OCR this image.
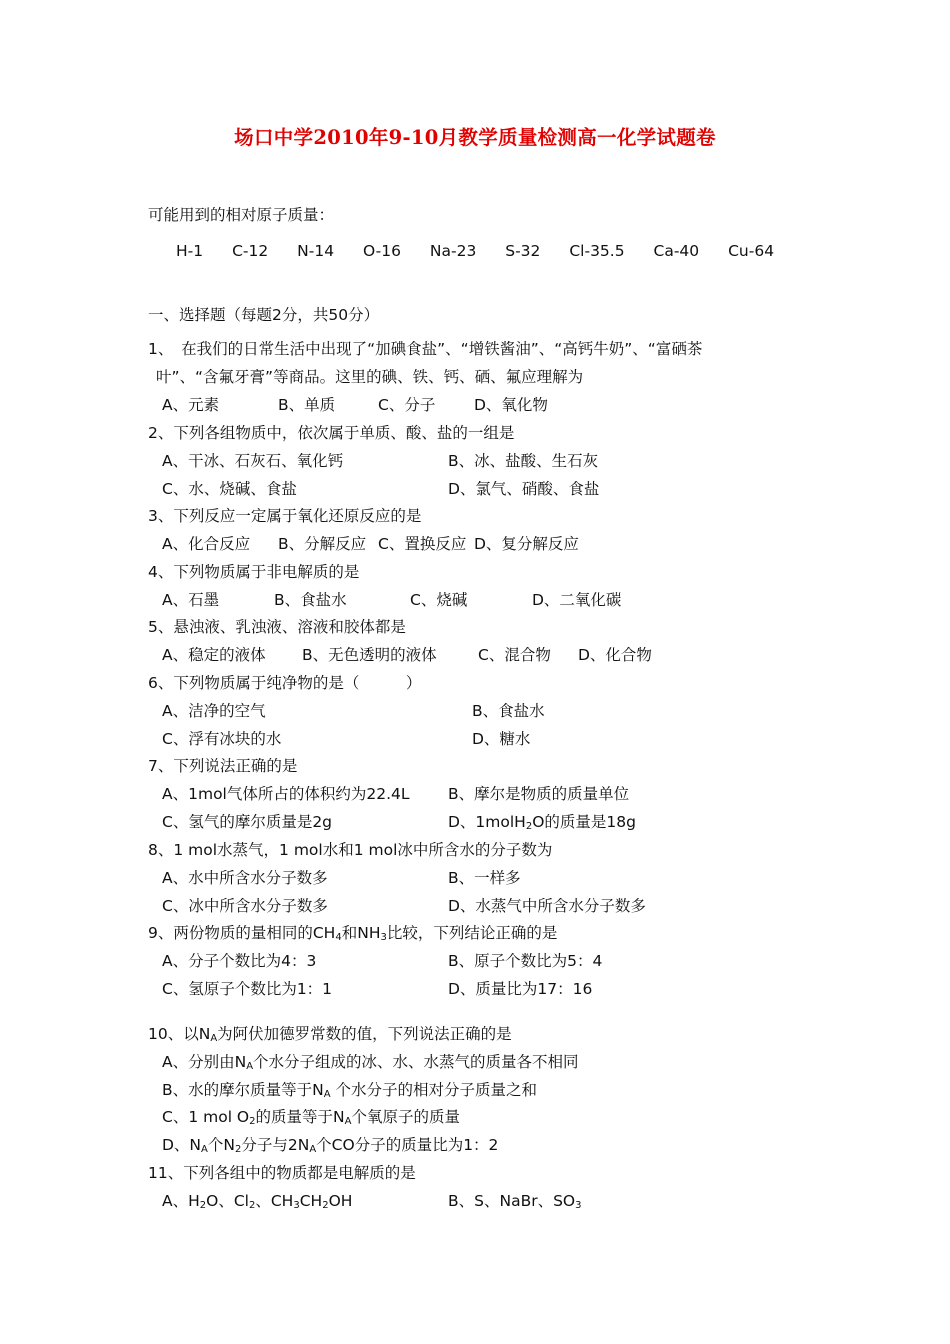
场口中学2010年9-10月教学质量检测高一化学试题卷
可能用到的相对原子质量：
H-1 C-12 N-14 O-16 Na-23 S-32 Cl-35.5 Ca-40 Cu-64
一、选择题（每题2分，共50分）

1、　在我们的日常生活中出现了“加碘食盐”、“增铁酱油”、“高钙牛奶”、“富硒茶

叶”、“含氟牙膏”等商品。这里的碘、铁、钙、硒、氟应理解为

A、元素	B、单质	C、分子 D、氧化物

2、下列各组物质中，依次属于单质、酸、盐的一组是

A、干冰、石灰石、氧化钙	B、冰、盐酸、生石灰
C、水、烧碱、食盐	D、氯气、硝酸、食盐

3、下列反应一定属于氧化还原反应的是

A、化合反应 B、分解反应 C、置换反应 D、复分解反应

4、下列物质属于非电解质的是

A、石墨	B、食盐水	C、烧碱	D、二氧化碳

5、悬浊液、乳浊液、溶液和胶体都是

A、稳定的液体 B、无色透明的液体	C、混合物 D、化合物

6、下列物质属于纯净物的是（　　　）

A、洁净的空气	B、食盐水
C、浮有冰块的水	D、糖水

7、下列说法正确的是

A、1mol气体所占的体积约为22.4L B、摩尔是物质的质量单位
C、氢气的摩尔质量是2g	D、1molH$_2$O的质量是18g

8、1 mol水蒸气，1 mol水和1 mol冰中所含水的分子数为

A、水中所含水分子数多	B、一样多
C、冰中所含水分子数多	D、水蒸气中所含水分子数多

9、两份物质的量相同的$CH_4$和$NH_3$比较，下列结论正确的是

A、分子个数比为4：3	B、原子个数比为5：4
C、氢原子个数比为1：1	D、质量比为17：16

10、以$N_A$为阿伏加德罗常数的值，下列说法正确的是

A、分别由$N_A$个水分子组成的冰、水、水蒸气的质量各不相同

B、水的摩尔质量等于$N_A$ 个水分子的相对分子质量之和

C、1 mol $O_2$的质量等于$N_A$个氧原子的质量

D、$N_A$个$N_2$分子与$2N_A$个CO分子的质量比为1：2

11、下列各组中的物质都是电解质的是

A、$H_2O$、$Cl_2$、$CH_3CH_2OH$	B、S、NaBr、$SO_3$
